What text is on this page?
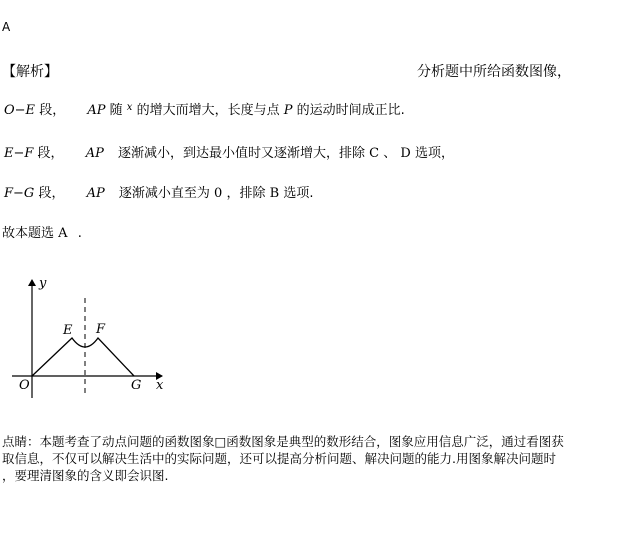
A
【解析】	分析题中所给函数图像，
O−E 段， AP 随 $^x$ 的增大而增大，长度与点 P 的运动时间成正比.
E−F 段， AP 逐渐减小，到达最小值时又逐渐增大，排除 C 、 D 选项，
F−G 段， AP 逐渐减小直至为 0 ，排除 B 选项.
故本题选 A .
y
x
O
E F
G
点睛：本题考查了动点问题的函数图象□函数图象是典型的数形结合，图象应用信息广泛，通过看图获
取信息，不仅可以解决生活中的实际问题，还可以提高分析问题、解决问题的能力.用图象解决问题时
，要理清图象的含义即会识图.
